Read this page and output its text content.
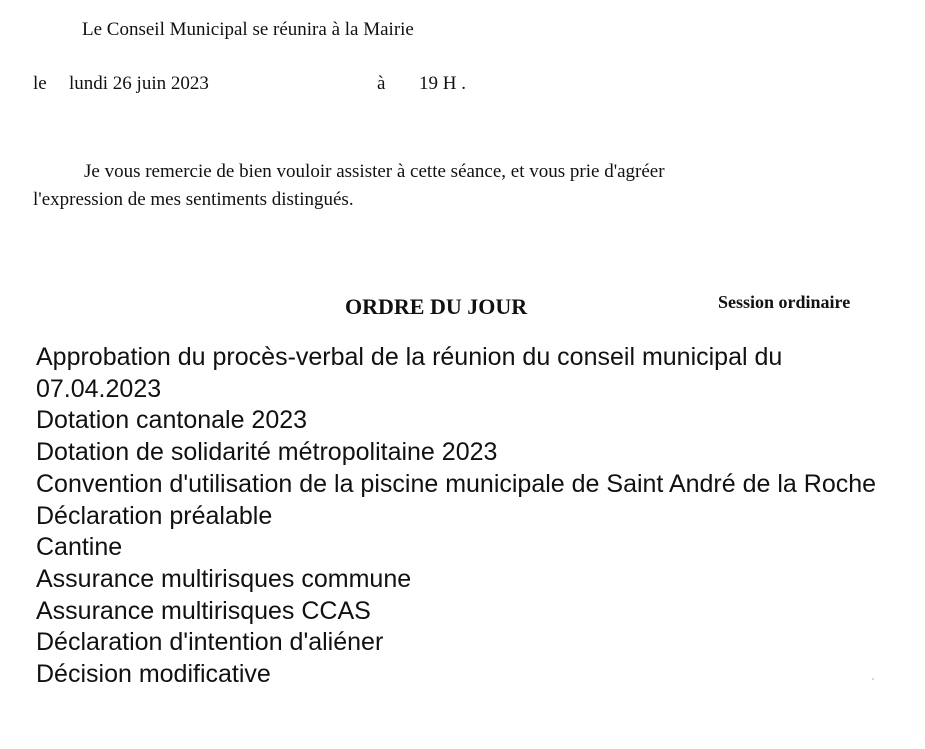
Le Conseil Municipal se réunira à la Mairie
le lundi 26 juin 2023	à 19 H .
Je vous remercie de bien vouloir assister à cette séance, et vous prie d'agréer
l'expression de mes sentiments distingués.
ORDRE DU JOUR	Session ordinaire
Approbation du procès-verbal de la réunion du conseil municipal du 07.04.2023
Dotation cantonale 2023
Dotation de solidarité métropolitaine 2023
Convention d'utilisation de la piscine municipale de Saint André de la Roche
Déclaration préalable
Cantine
Assurance multirisques commune
Assurance multirisques CCAS
Déclaration d'intention d'aliéner
Décision modificative
